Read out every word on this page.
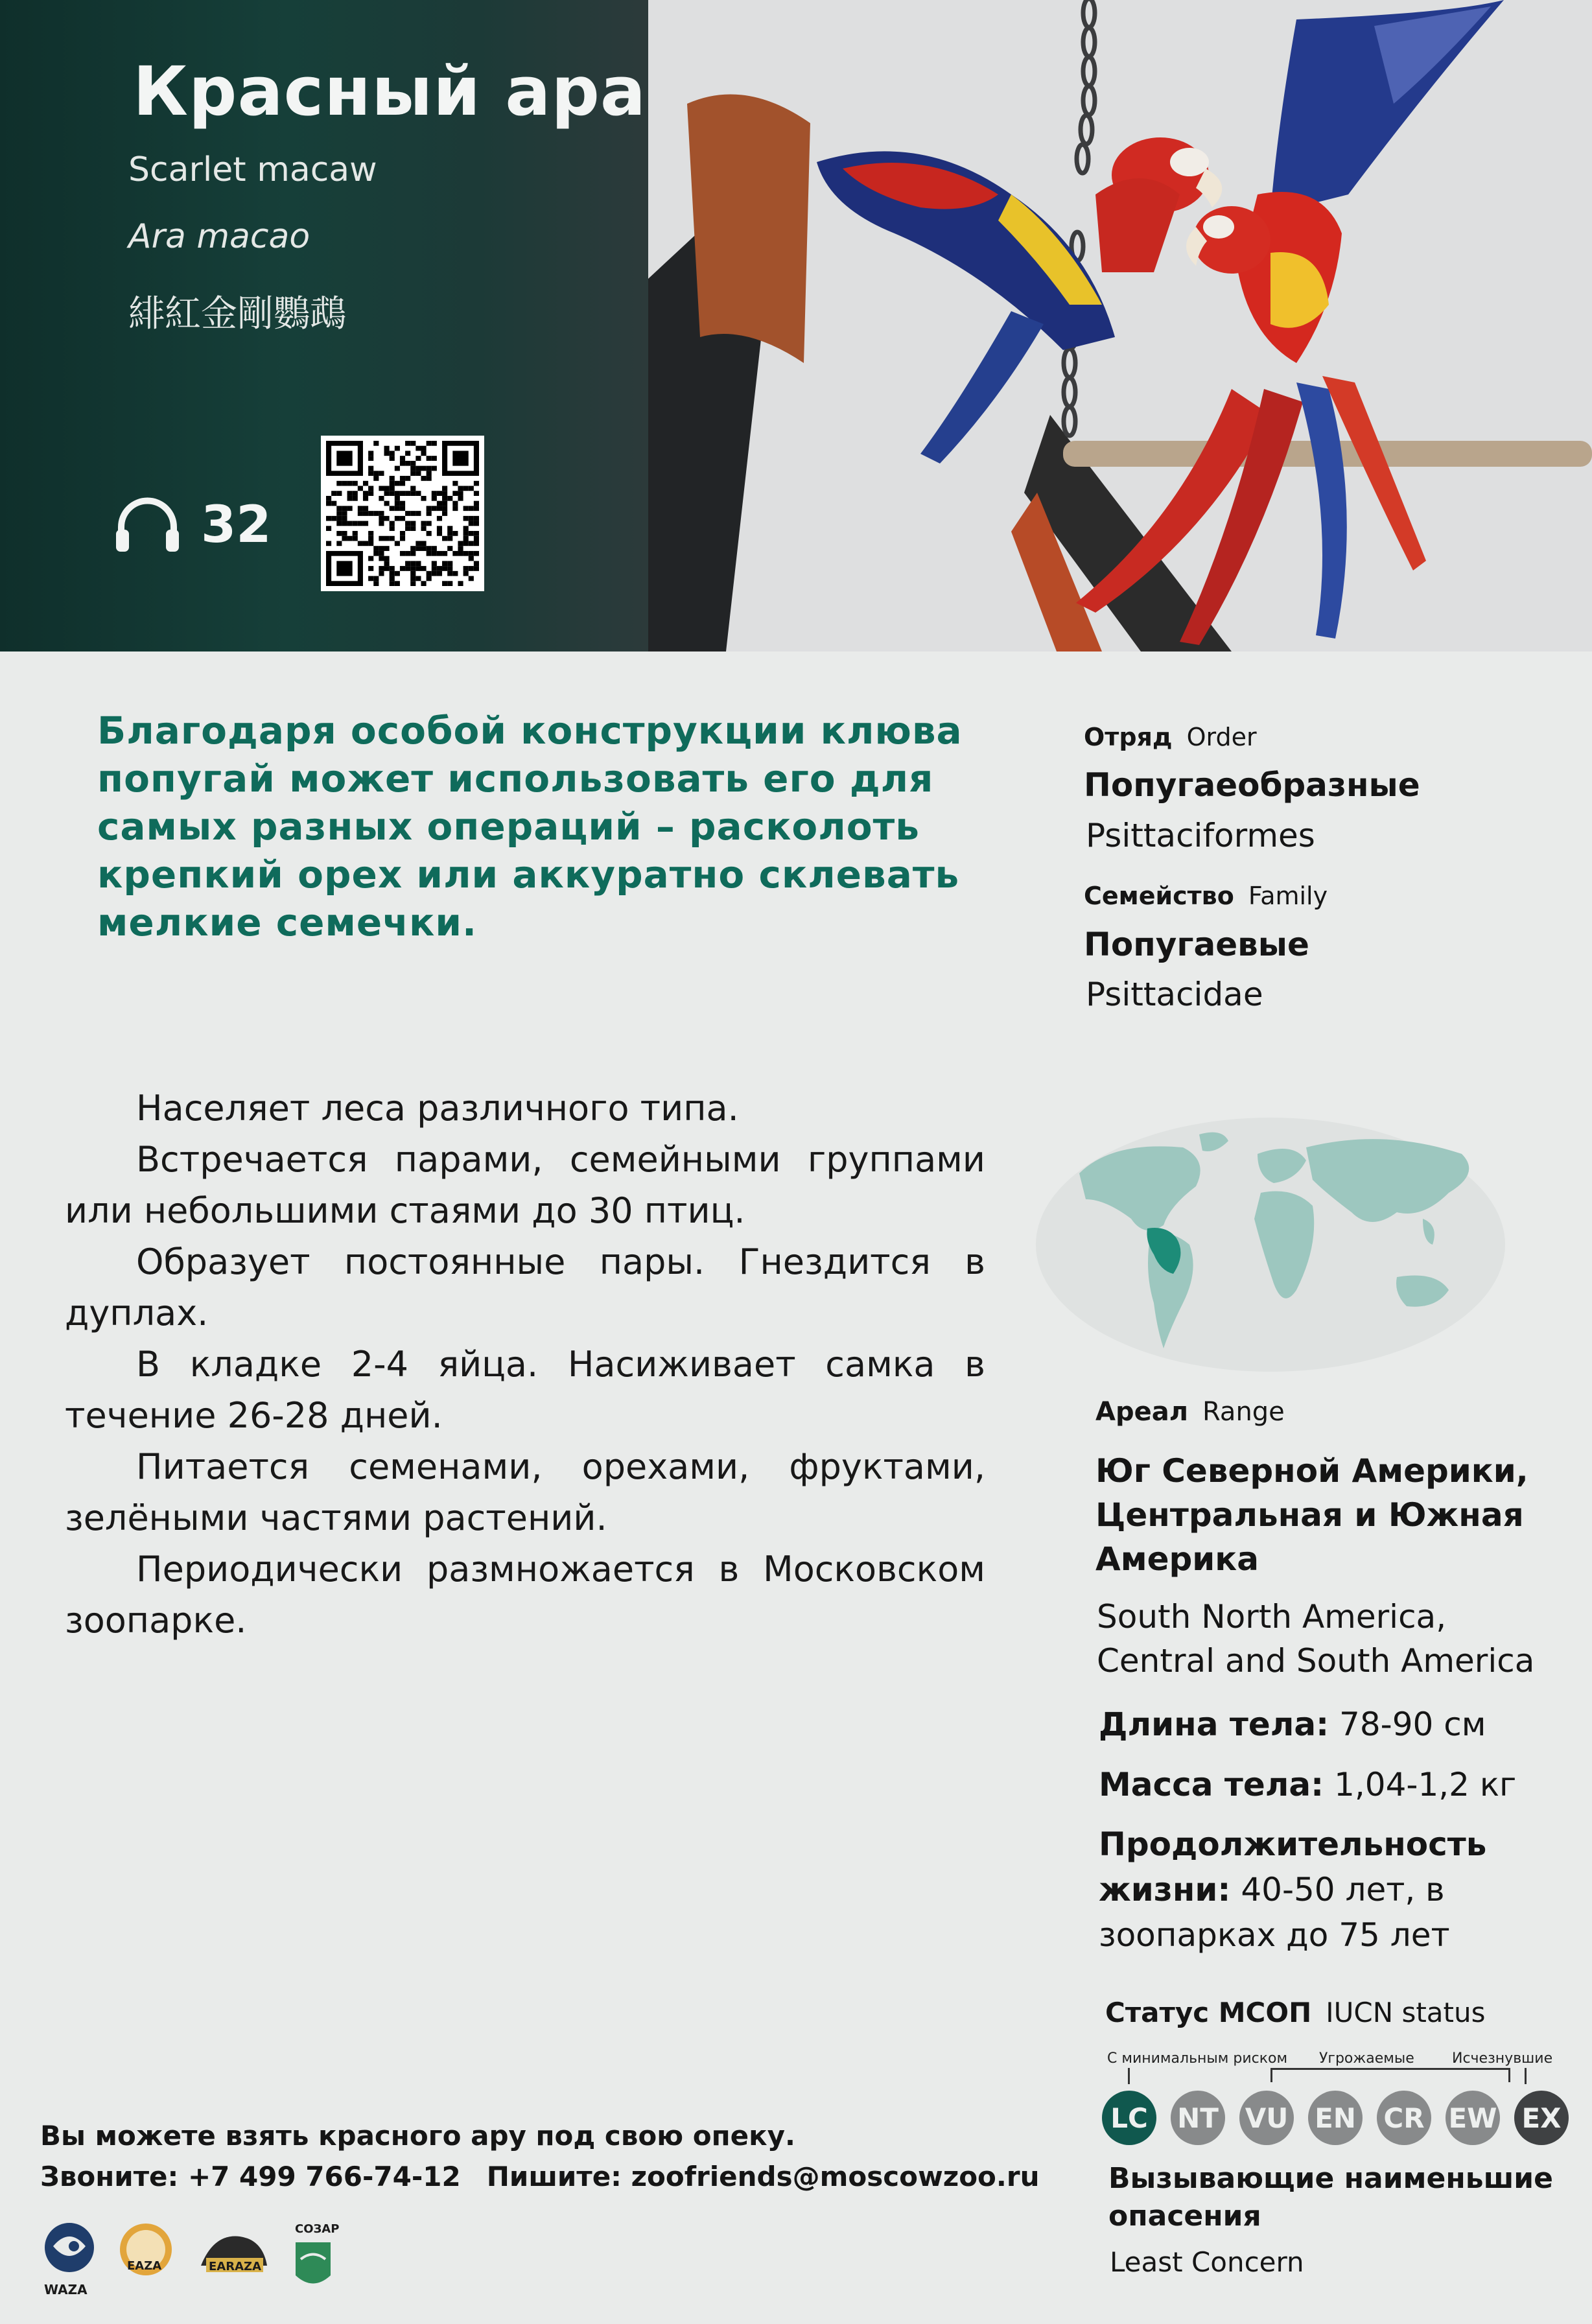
Красный ара
Scarlet macaw
Ara macao
緋紅金剛鸚鵡
32
Благодаря особой конструкции клюва попугай может использовать его для самых разных операций – расколоть крепкий орех или аккуратно склевать мелкие семечки.

Населяет леса различного типа.

Встречается парами, семейными группами или небольшими стаями до 30 птиц.

Образует постоянные пары. Гнездится в дуплах.

В кладке 2-4 яйца. Насиживает самка в течение 26-28 дней.

Питается семенами, орехами, фруктами, зелёными частями растений.

Периодически размножается в Московском зоопарке.

Отряд Order
Попугаеобразные
Psittaciformes
Семейство Family
Попугаевые
Psittacidae
Ареал Range
Юг Северной Америки, Центральная и Южная Америка
South North America, Central and South America
Длина тела: 78-90 см
Масса тела: 1,04-1,2 кг
Продолжительность жизни: 40-50 лет, в зоопарках до 75 лет
Статус МСОП IUCN status
С минимальным риском Угрожаемые	Исчезнувшие
LC	NT VU EN CR EW EX
Вызывающие наименьшие опасения
Least Concern
Вы можете взять красного ару под свою опеку.
Звоните: +7 499 766-74-12 Пишите: zoofriends@moscowzoo.ru
WAZA
EAZA	EARAZA
СОЗАР
